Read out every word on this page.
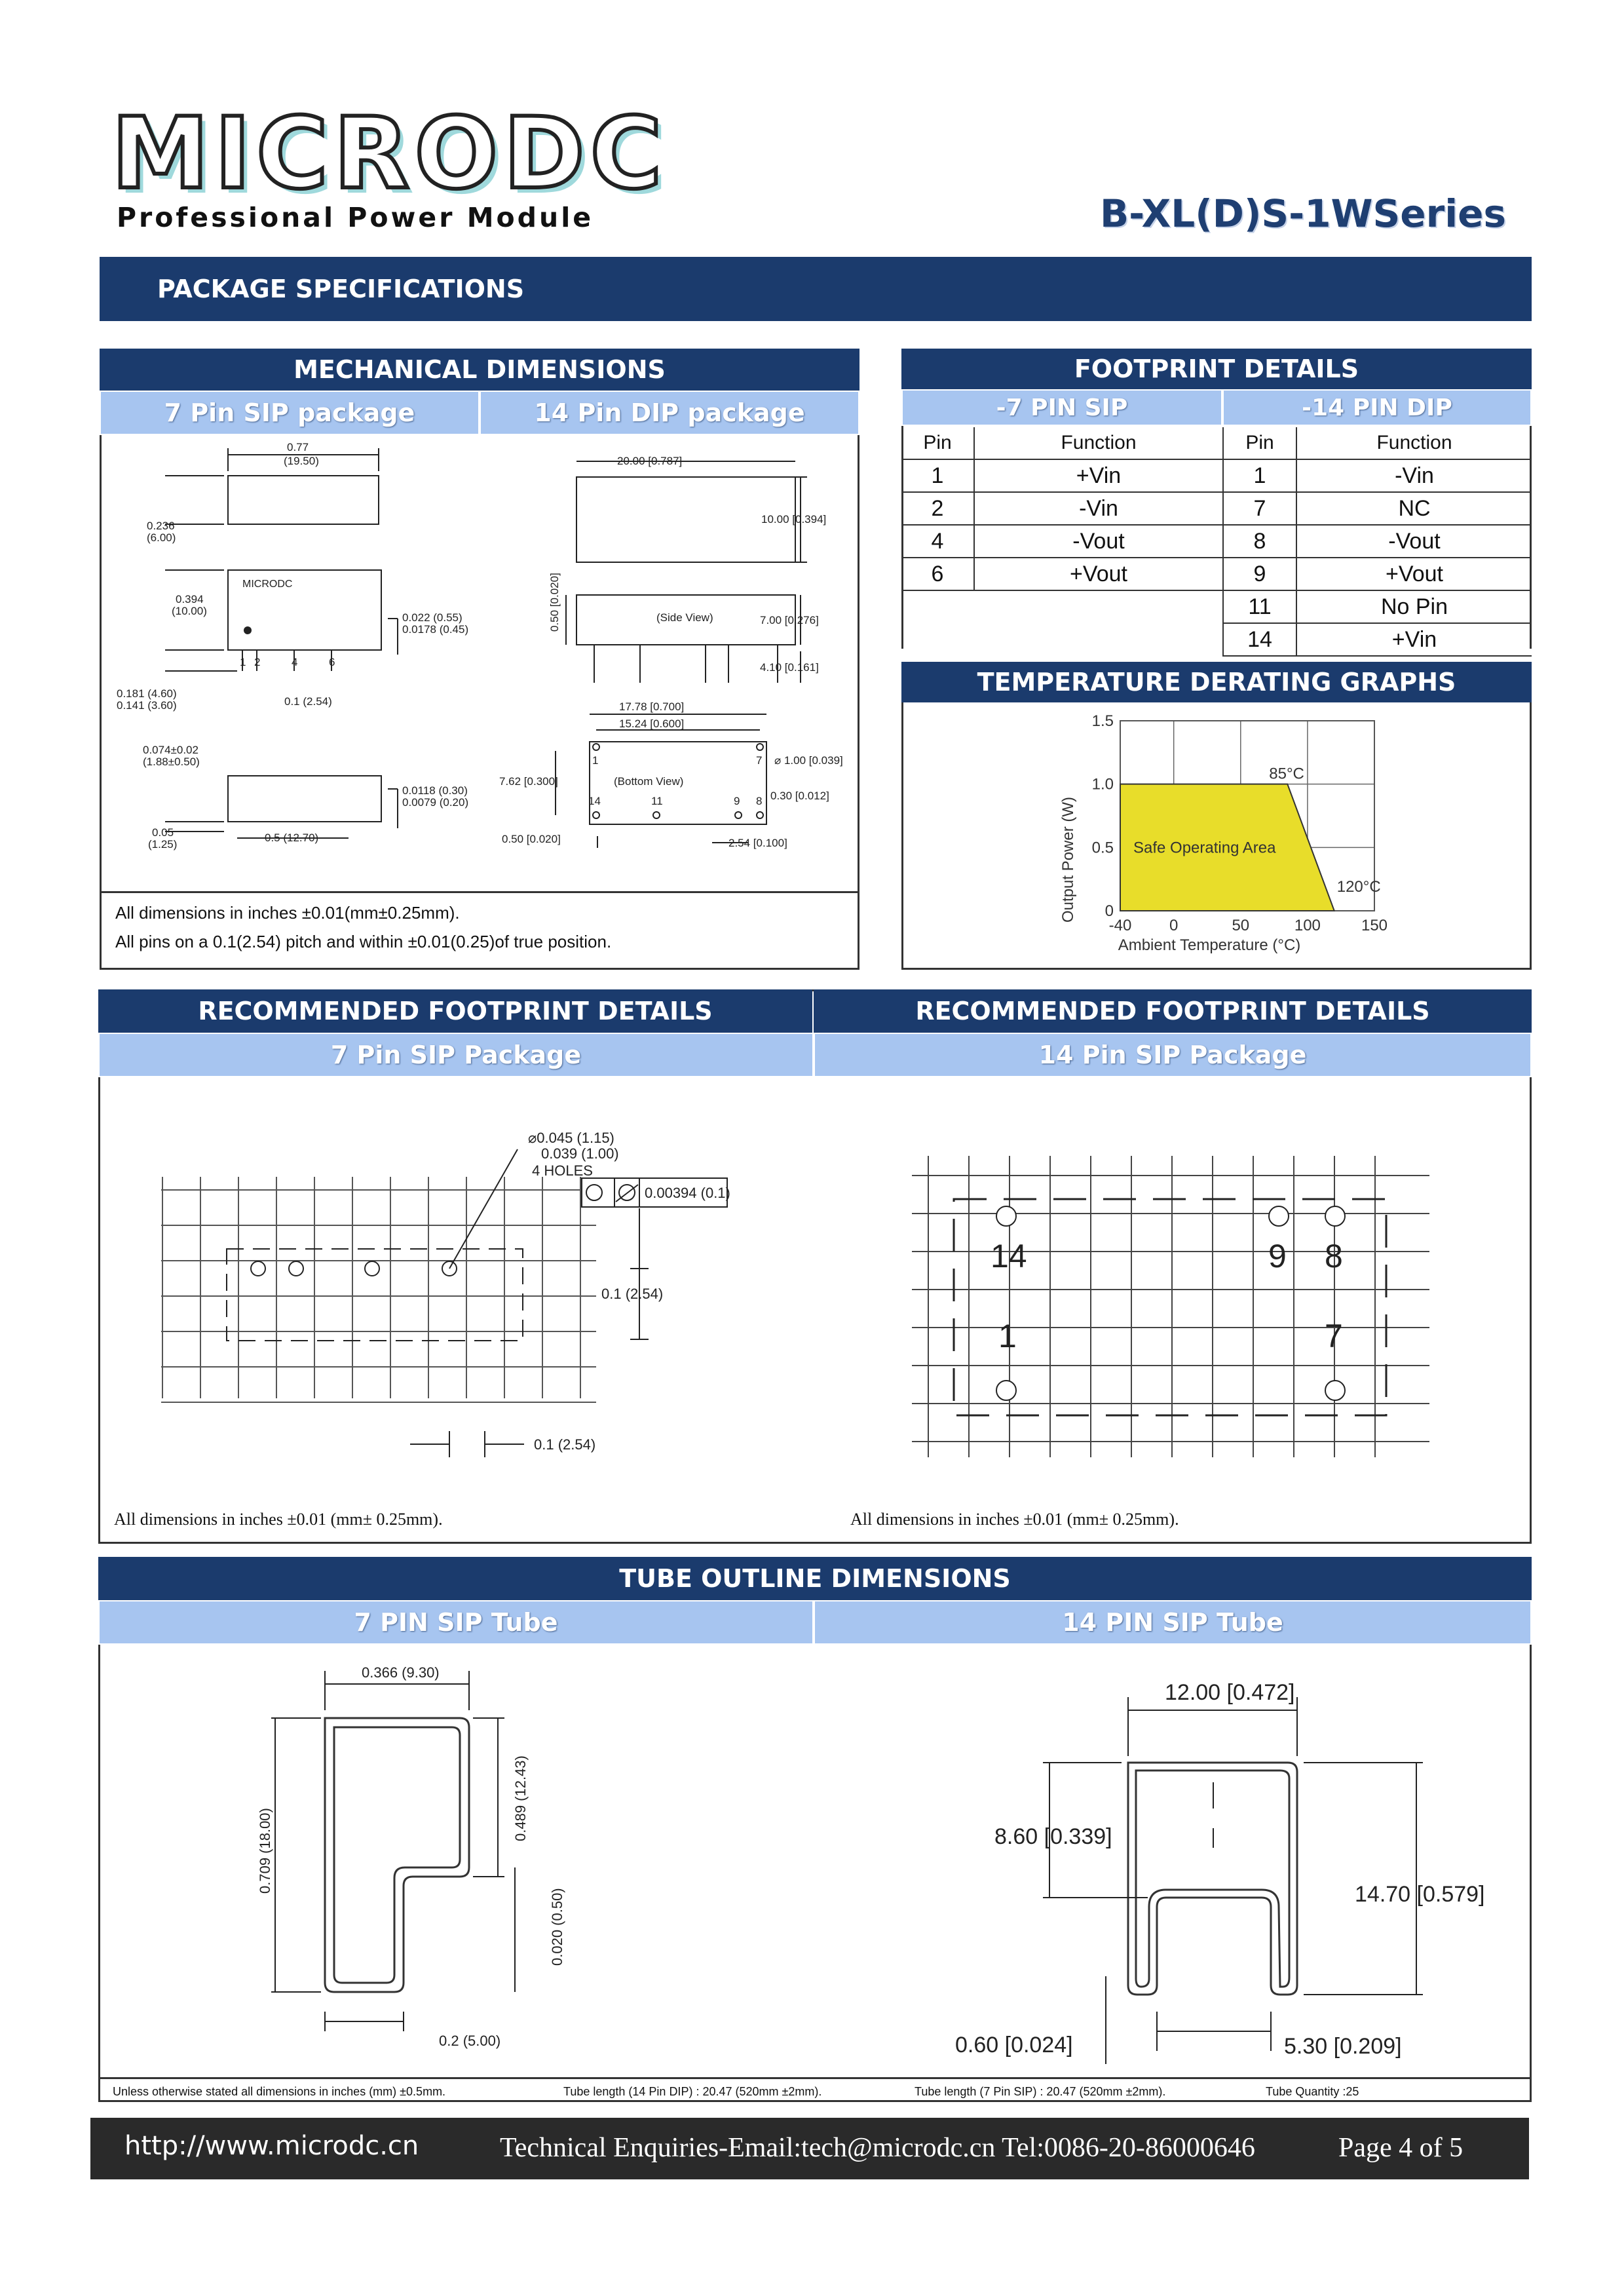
MICRODC
Professional Power Module	B-XL(D)S-1WSeries
PACKAGE SPECIFICATIONS
MECHANICAL DIMENSIONS
7 Pin SIP package	14 Pin DIP package
0.77
(19.50)
0.236
(6.00)
MICRODC
0.394
(10.00)
0.022 (0.55)
0.0178 (0.45)
1 2	4	6
0.181 (4.60)
0.141 (3.60)	0.1 (2.54)
0.074±0.02
(1.88±0.50)
0.0118 (0.30)
0.0079 (0.20)
0.05
(1.25)
0.5 (12.70)
20.00 [0.787]
10.00 [0.394]
0.50 [0.020]	(Side View)	7.00 [0.276]
4.10 [0.161]
17.78 [0.700]
15.24 [0.600]
⌀ 1.00 [0.039]
7.62 [0.300]	(Bottom View)
0.30 [0.012]
1	7
14	11	9 8
0.50 [0.020]	2.54 [0.100]
All dimensions in inches ±0.01(mm±0.25mm).
All pins on a 0.1(2.54) pitch and within ±0.01(0.25)of true position.
FOOTPRINT DETAILS
-7 PIN SIP	-14 PIN DIP
Pin	Function
1	+Vin
2	-Vin
4	-Vout
6	+Vout
Pin	Function
1	-Vin
7	NC
8	-Vout
9	+Vout
11	No Pin
14	+Vin
TEMPERATURE DERATING GRAPHS
-40 0	50	100	150
0
0.5
1.0
1.5
Ambient Temperature (°C)
Output Power (W)
85°C
120°C
Safe Operating Area
RECOMMENDED FOOTPRINT DETAILS	RECOMMENDED FOOTPRINT DETAILS
7 Pin SIP Package	14 Pin SIP Package
⌀0.045 (1.15)
0.039 (1.00)
4 HOLES
0.00394 (0.1)
0.1 (2.54)
0.1 (2.54)
14	9 8
1	7
All dimensions in inches ±0.01 (mm± 0.25mm).	All dimensions in inches ±0.01 (mm± 0.25mm).
TUBE OUTLINE DIMENSIONS
7 PIN SIP Tube	14 PIN SIP Tube
0.366 (9.30)
0.709 (18.00)
0.489 (12.43)
0.020 (0.50)
0.2 (5.00)
12.00 [0.472]
8.60 [0.339]
14.70 [0.579]
0.60 [0.024]	5.30 [0.209]
Unless otherwise stated all dimensions in inches (mm) ±0.5mm.	Tube length (14 Pin DIP) : 20.47 (520mm ±2mm).	Tube length (7 Pin SIP) : 20.47 (520mm ±2mm).	Tube Quantity :25
http://www.microdc.cn	Technical Enquiries-Email:tech@microdc.cn Tel:0086-20-86000646	Page 4 of 5
